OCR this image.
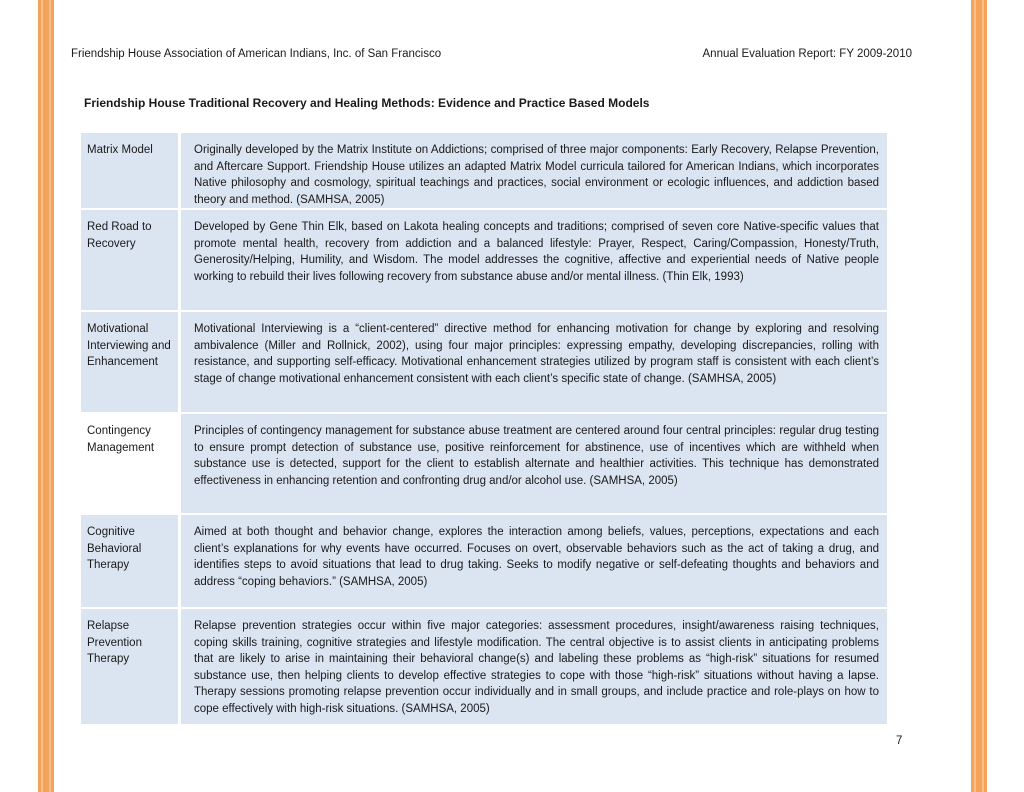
Friendship House Association of American Indians, Inc. of San Francisco	Annual Evaluation Report: FY 2009-2010
Friendship House Traditional Recovery and Healing Methods: Evidence and Practice Based Models
Matrix Model	Originally developed by the Matrix Institute on Addictions; comprised of three major components: Early Recovery, Relapse Prevention, and Aftercare Support. Friendship House utilizes an adapted Matrix Model curricula tailored for American Indians, which incorporates Native philosophy and cosmology, spiritual teachings and practices, social environment or ecologic influences, and addiction based theory and method. (SAMHSA, 2005)
Red Road to Recovery
Developed by Gene Thin Elk, based on Lakota healing concepts and traditions; comprised of seven core Native-specific values that promote mental health, recovery from addiction and a balanced lifestyle: Prayer, Respect, Caring/Compassion, Honesty/Truth, Generosity/Helping, Humility, and Wisdom. The model addresses the cognitive, affective and experiential needs of Native people working to rebuild their lives following recovery from substance abuse and/or mental illness. (Thin Elk, 1993)
Motivational Interviewing and Enhancement
Motivational Interviewing is a “client-centered” directive method for enhancing motivation for change by exploring and resolving ambivalence (Miller and Rollnick, 2002), using four major principles: expressing empathy, developing discrepancies, rolling with resistance, and supporting self-efficacy. Motivational enhancement strategies utilized by program staff is consistent with each client’s stage of change motivational enhancement consistent with each client’s specific state of change. (SAMHSA, 2005)
Contingency Management
Principles of contingency management for substance abuse treatment are centered around four central principles: regular drug testing to ensure prompt detection of substance use, positive reinforcement for abstinence, use of incentives which are withheld when substance use is detected, support for the client to establish alternate and healthier activities. This technique has demonstrated effectiveness in enhancing retention and confronting drug and/or alcohol use. (SAMHSA, 2005)
Cognitive Behavioral Therapy
Aimed at both thought and behavior change, explores the interaction among beliefs, values, perceptions, expectations and each client’s explanations for why events have occurred. Focuses on overt, observable behaviors such as the act of taking a drug, and identifies steps to avoid situations that lead to drug taking. Seeks to modify negative or self-defeating thoughts and behaviors and address “coping behaviors.” (SAMHSA, 2005)
Relapse Prevention Therapy
Relapse prevention strategies occur within five major categories: assessment procedures, insight/awareness raising techniques, coping skills training, cognitive strategies and lifestyle modification. The central objective is to assist clients in anticipating problems that are likely to arise in maintaining their behavioral change(s) and labeling these problems as “high-risk” situations for resumed substance use, then helping clients to develop effective strategies to cope with those “high-risk” situations without having a lapse. Therapy sessions promoting relapse prevention occur individually and in small groups, and include practice and role-plays on how to cope effectively with high-risk situations. (SAMHSA, 2005)
7
